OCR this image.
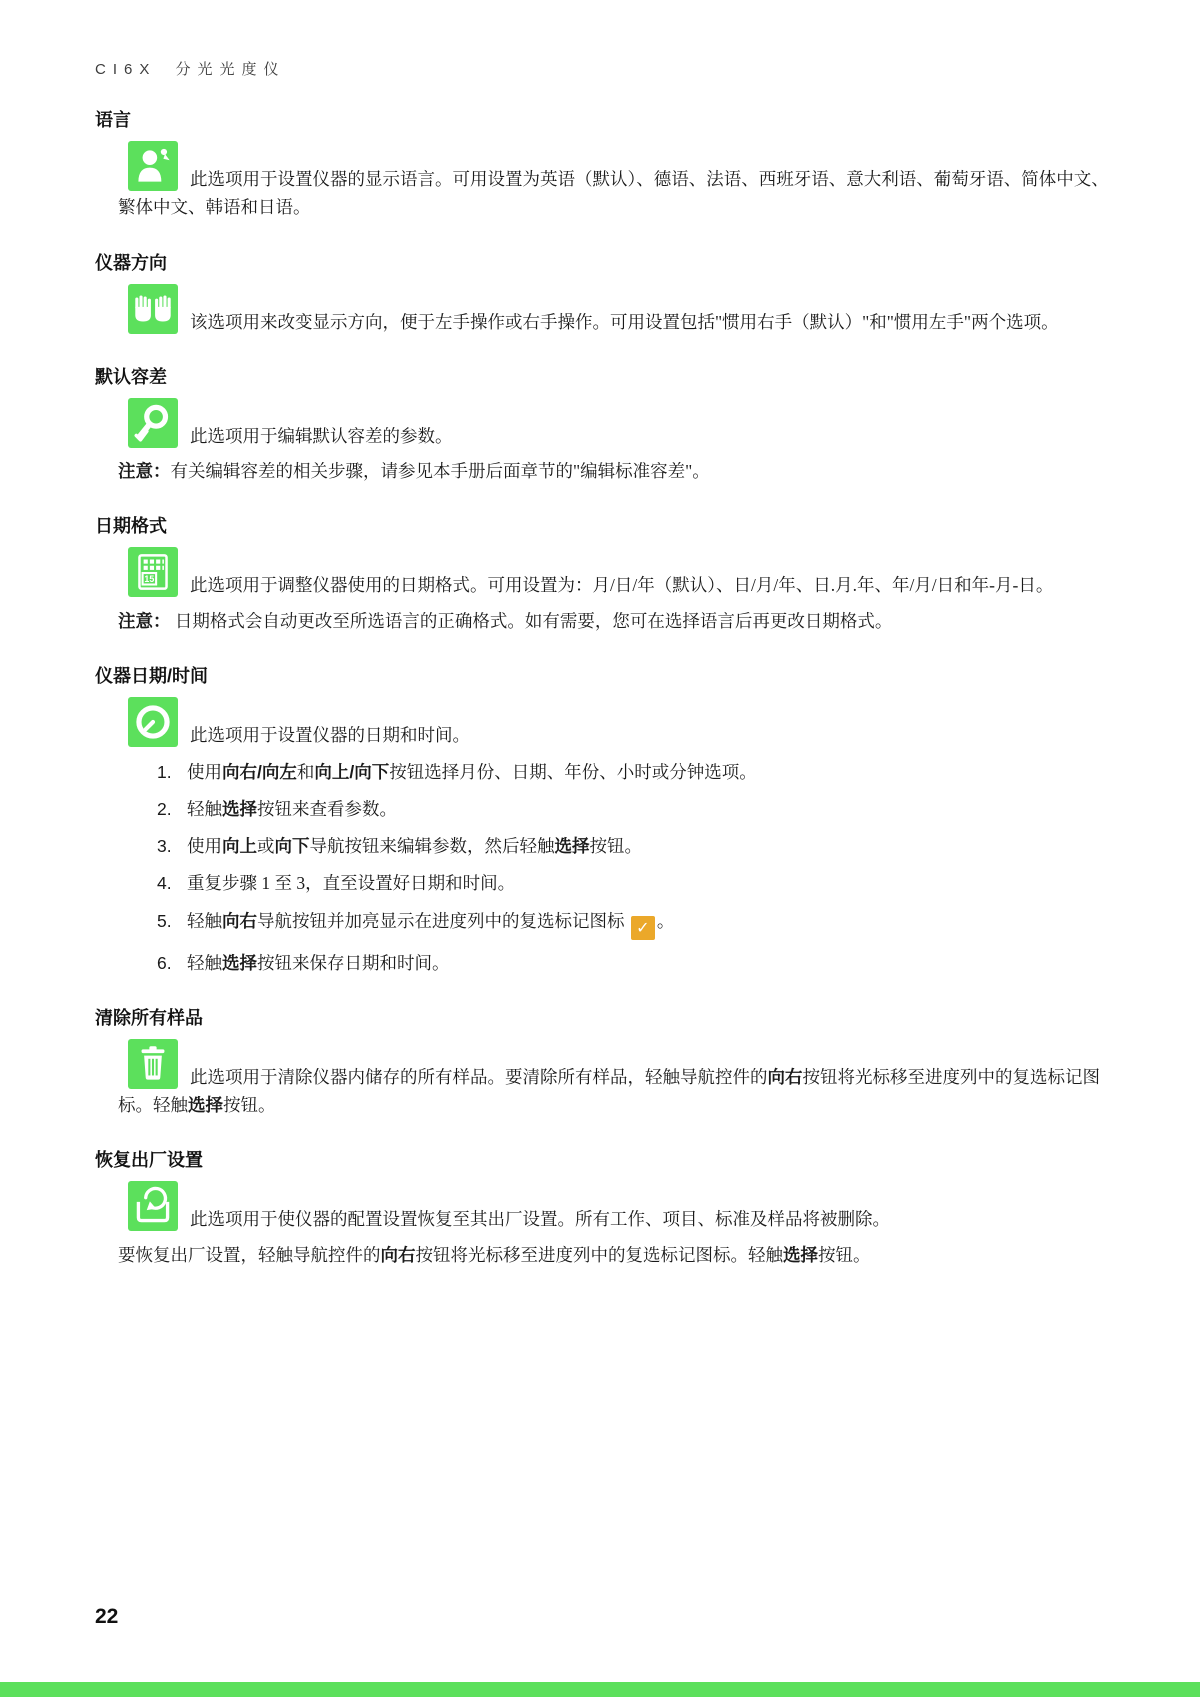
CI6X 分光光度仪
语言
此选项用于设置仪器的显示语言。可用设置为英语（默认）、德语、法语、西班牙语、意大利语、葡萄牙语、简体中文、繁体中文、韩语和日语。
仪器方向
该选项用来改变显示方向，便于左手操作或右手操作。可用设置包括"惯用右手（默认）"和"惯用左手"两个选项。
默认容差
此选项用于编辑默认容差的参数。
注意：有关编辑容差的相关步骤，请参见本手册后面章节的"编辑标准容差"。
日期格式
15 此选项用于调整仪器使用的日期格式。可用设置为：月/日/年（默认）、日/月/年、日.月.年、年/月/日和年-月-日。
注意： 日期格式会自动更改至所选语言的正确格式。如有需要，您可在选择语言后再更改日期格式。
仪器日期/时间
此选项用于设置仪器的日期和时间。
1. 使用向右/向左和向上/向下按钮选择月份、日期、年份、小时或分钟选项。
2. 轻触选择按钮来查看参数。
3. 使用向上或向下导航按钮来编辑参数，然后轻触选择按钮。
4. 重复步骤 1 至 3，直至设置好日期和时间。
5. 轻触向右导航按钮并加亮显示在进度列中的复选标记图标 ✓ 。
6. 轻触选择按钮来保存日期和时间。
清除所有样品
此选项用于清除仪器内储存的所有样品。要清除所有样品，轻触导航控件的向右按钮将光标移至进度列中的复选标记图标。轻触选择按钮。
恢复出厂设置
此选项用于使仪器的配置设置恢复至其出厂设置。所有工作、项目、标准及样品将被删除。
要恢复出厂设置，轻触导航控件的向右按钮将光标移至进度列中的复选标记图标。轻触选择按钮。
22
